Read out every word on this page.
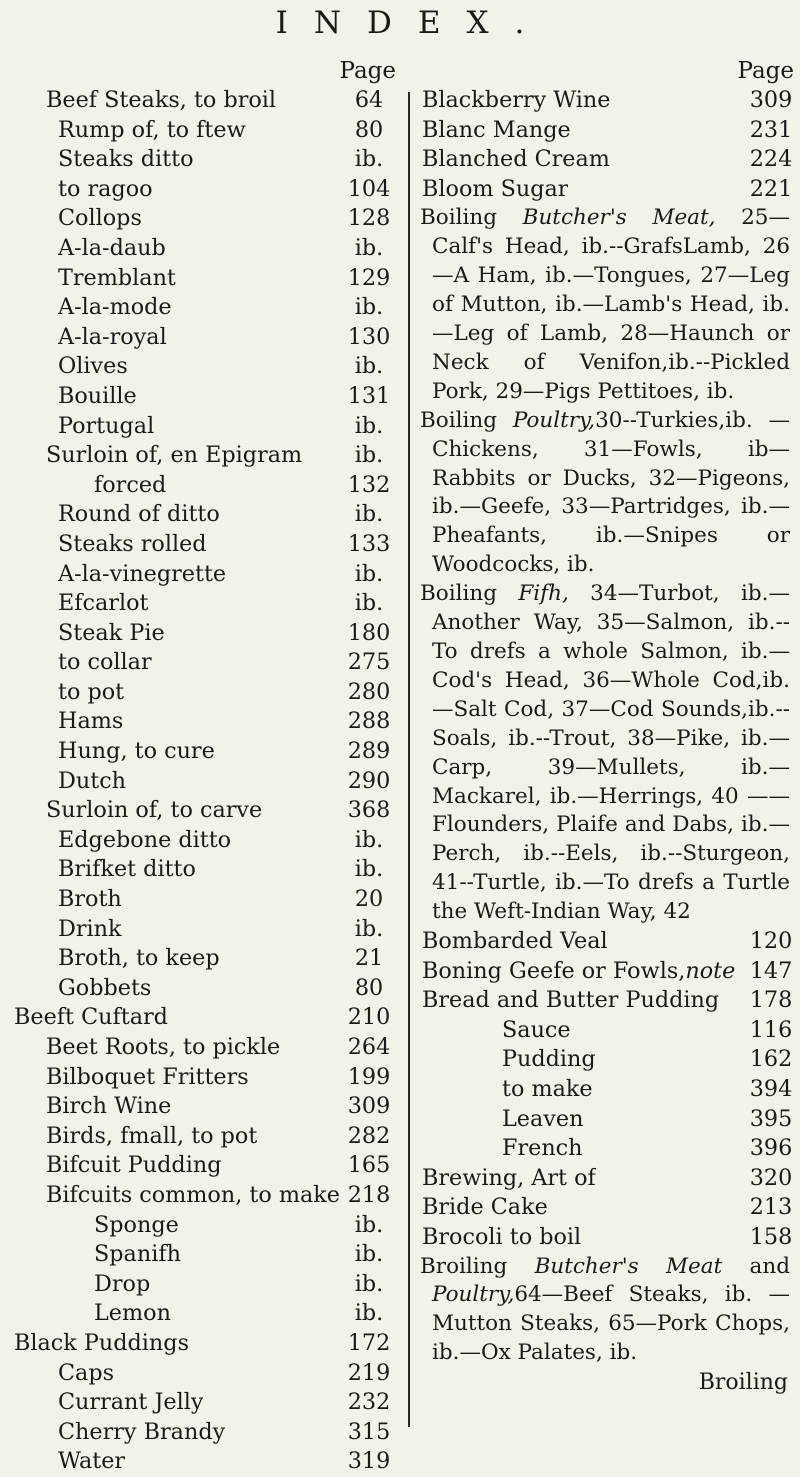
INDEX.
Page
Beef Steaks, to broil	64
Rump of, to ftew	80
Steaks ditto	ib.
to ragoo	104
Collops	128
A-la-daub	ib.
Tremblant	129
A-la-mode	ib.
A-la-royal	130
Olives	ib.
Bouille	131
Portugal	ib.
Surloin of, en Epigram	ib.
forced	132
Round of ditto	ib.
Steaks rolled	133
A-la-vinegrette	ib.
Efcarlot	ib.
Steak Pie	180
to collar	275
to pot	280
Hams	288
Hung, to cure	289
Dutch	290
Surloin of, to carve	368
Edgebone ditto	ib.
Brifket ditto	ib.
Broth	20
Drink	ib.
Broth, to keep	21
Gobbets	80
Beeft Cuftard	210
Beet Roots, to pickle	264
Bilboquet Fritters	199
Birch Wine	309
Birds, fmall, to pot	282
Bifcuit Pudding	165
Bifcuits common, to make 218
Sponge	ib.
Spanifh	ib.
Drop	ib.
Lemon	ib.
Black Puddings	172
Caps	219
Currant Jelly	232
Cherry Brandy	315
Water	319
Page
Blackberry Wine	309
Blanc Mange	231
Blanched Cream	224
Bloom Sugar	221
Boiling Butcher's Meat, 25—Calf's Head, ib.--GrafsLamb, 26—A Ham, ib.—Tongues, 27—Leg of Mutton, ib.—Lamb's Head, ib.—Leg of Lamb, 28—Haunch or Neck of Venifon,ib.--Pickled Pork, 29—Pigs Pettitoes, ib.
Boiling Poultry,30--Turkies,ib. —Chickens, 31—Fowls, ib—Rabbits or Ducks, 32—Pigeons, ib.—Geefe, 33—Partridges, ib.—Pheafants, ib.—Snipes or Woodcocks, ib.
Boiling Fifh, 34—Turbot, ib.—Another Way, 35—Salmon, ib.--To drefs a whole Salmon, ib.—Cod's Head, 36—Whole Cod,ib.—Salt Cod, 37—Cod Sounds,ib.--Soals, ib.--Trout, 38—Pike, ib.—Carp, 39—Mullets, ib.—Mackarel, ib.—Herrings, 40 ——Flounders, Plaife and Dabs, ib.—Perch, ib.--Eels, ib.--Sturgeon, 41--Turtle, ib.—To drefs a Turtle the Weft-Indian Way, 42
Bombarded Veal	120
Boning Geefe or Fowls,note 147
Bread and Butter Pudding 178
Sauce	116
Pudding	162
to make	394
Leaven	395
French	396
Brewing, Art of	320
Bride Cake	213
Brocoli to boil	158
Broiling Butcher's Meat and Poultry,64—Beef Steaks, ib. —Mutton Steaks, 65—Pork Chops, ib.—Ox Palates, ib.
Broiling
